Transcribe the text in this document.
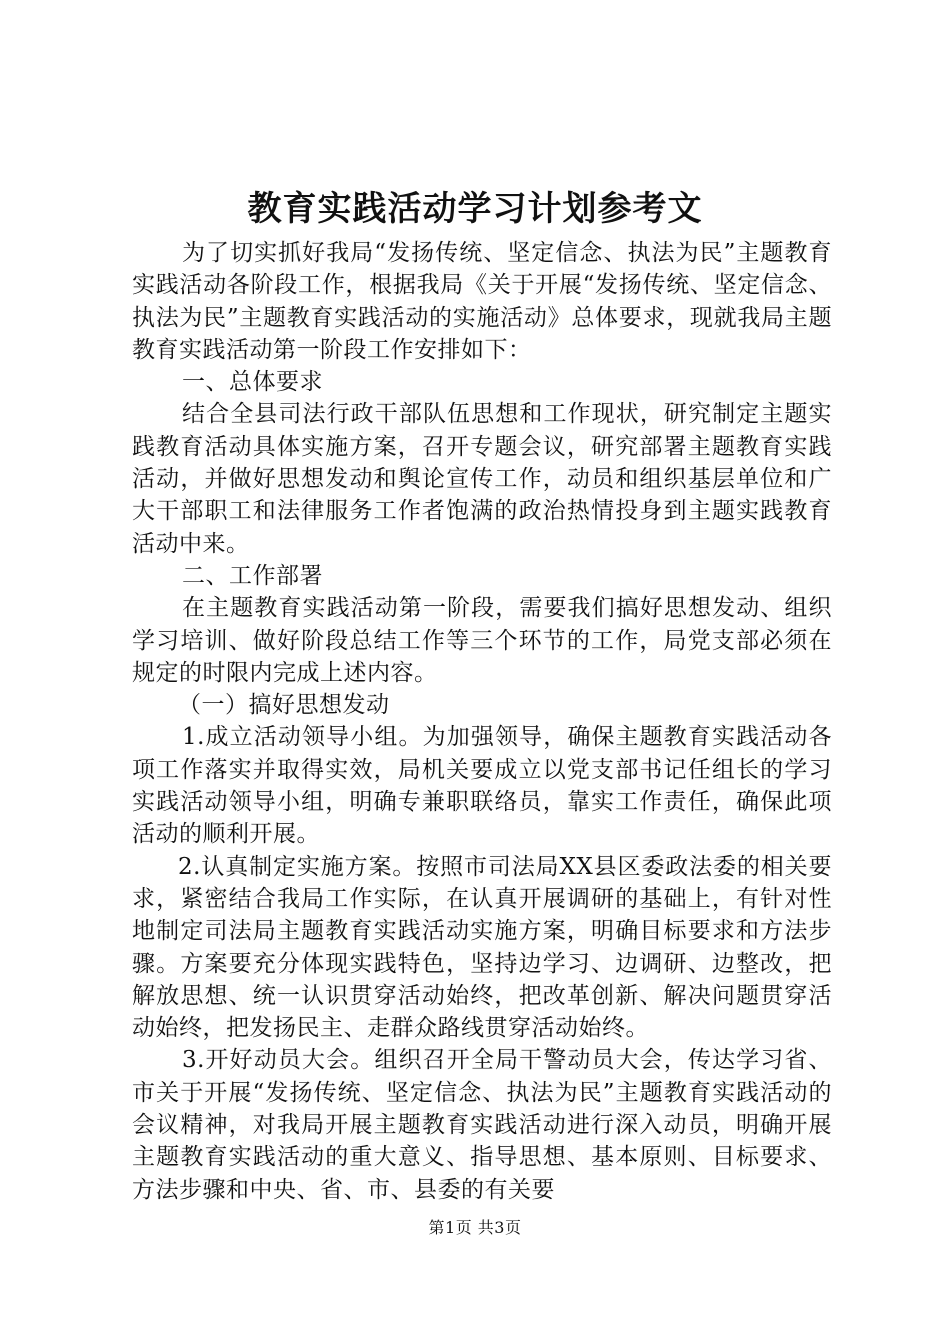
教育实践活动学习计划参考文

为了切实抓好我局“发扬传统、坚定信念、执法为民”主题教育实践活动各阶段工作，根据我局《关于开展“发扬传统、坚定信念、执法为民”主题教育实践活动的实施活动》总体要求，现就我局主题教育实践活动第一阶段工作安排如下：

一、总体要求

结合全县司法行政干部队伍思想和工作现状，研究制定主题实践教育活动具体实施方案，召开专题会议，研究部署主题教育实践活动，并做好思想发动和舆论宣传工作，动员和组织基层单位和广大干部职工和法律服务工作者饱满的政治热情投身到主题实践教育活动中来。

二、工作部署

在主题教育实践活动第一阶段，需要我们搞好思想发动、组织学习培训、做好阶段总结工作等三个环节的工作，局党支部必须在规定的时限内完成上述内容。

（一）搞好思想发动

1.成立活动领导小组。为加强领导，确保主题教育实践活动各项工作落实并取得实效，局机关要成立以党支部书记任组长的学习实践活动领导小组，明确专兼职联络员，靠实工作责任，确保此项活动的顺利开展。

2.认真制定实施方案。按照市司法局XX县区委政法委的相关要求，紧密结合我局工作实际，在认真开展调研的基础上，有针对性地制定司法局主题教育实践活动实施方案，明确目标要求和方法步骤。方案要充分体现实践特色，坚持边学习、边调研、边整改，把解放思想、统一认识贯穿活动始终，把改革创新、解决问题贯穿活动始终，把发扬民主、走群众路线贯穿活动始终。

3.开好动员大会。组织召开全局干警动员大会，传达学习省、市关于开展“发扬传统、坚定信念、执法为民”主题教育实践活动的会议精神，对我局开展主题教育实践活动进行深入动员，明确开展主题教育实践活动的重大意义、指导思想、基本原则、目标要求、方法步骤和中央、省、市、县委的有关要

第1页 共3页
